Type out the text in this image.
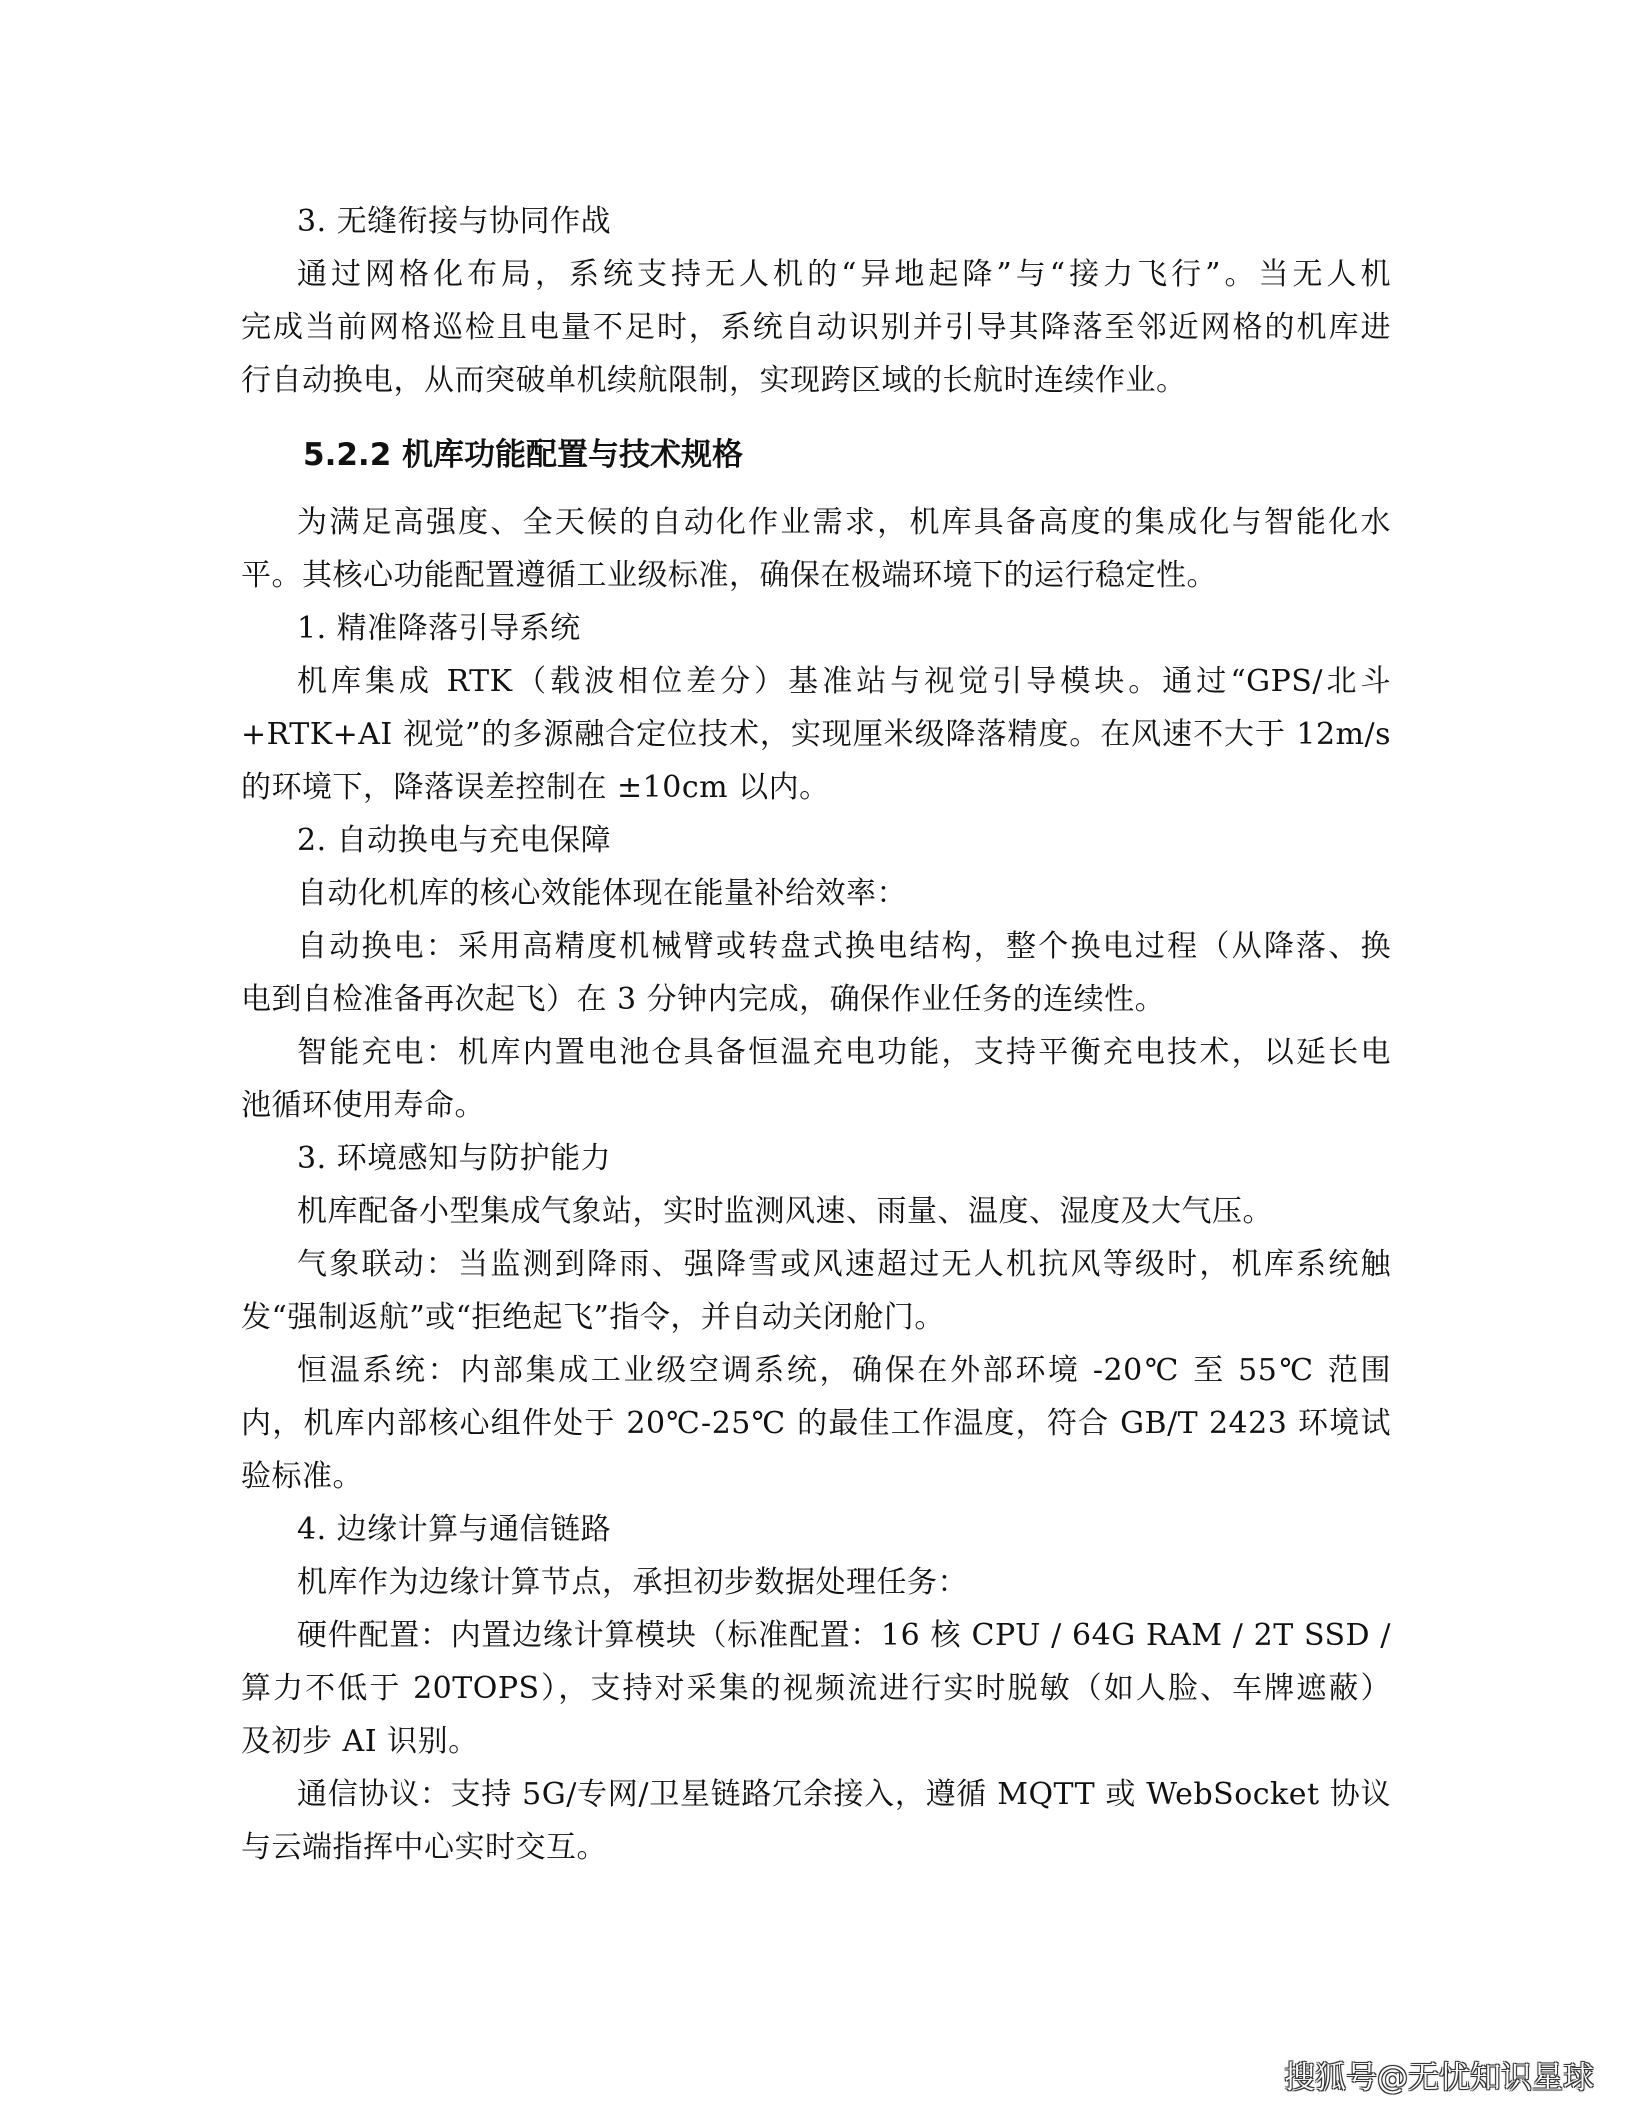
3. 无缝衔接与协同作战
通过网格化布局，系统支持无人机的“异地起降”与“接力飞行”。当无人机
完成当前网格巡检且电量不足时，系统自动识别并引导其降落至邻近网格的机库进
行自动换电，从而突破单机续航限制，实现跨区域的长航时连续作业。
5.2.2 机库功能配置与技术规格
为满足高强度、全天候的自动化作业需求，机库具备高度的集成化与智能化水
平。其核心功能配置遵循工业级标准，确保在极端环境下的运行稳定性。
1. 精准降落引导系统
机库集成 RTK（载波相位差分）基准站与视觉引导模块。通过“GPS/北斗
+RTK+AI 视觉”的多源融合定位技术，实现厘米级降落精度。在风速不大于 12m/s
的环境下，降落误差控制在 ±10cm 以内。
2. 自动换电与充电保障
自动化机库的核心效能体现在能量补给效率：
自动换电：采用高精度机械臂或转盘式换电结构，整个换电过程（从降落、换
电到自检准备再次起飞）在 3 分钟内完成，确保作业任务的连续性。
智能充电：机库内置电池仓具备恒温充电功能，支持平衡充电技术，以延长电
池循环使用寿命。
3. 环境感知与防护能力
机库配备小型集成气象站，实时监测风速、雨量、温度、湿度及大气压。
气象联动：当监测到降雨、强降雪或风速超过无人机抗风等级时，机库系统触
发“强制返航”或“拒绝起飞”指令，并自动关闭舱门。
恒温系统：内部集成工业级空调系统，确保在外部环境 -20℃ 至 55℃ 范围
内，机库内部核心组件处于 20℃-25℃ 的最佳工作温度，符合 GB/T 2423 环境试
验标准。
4. 边缘计算与通信链路
机库作为边缘计算节点，承担初步数据处理任务：
硬件配置：内置边缘计算模块（标准配置：16 核 CPU / 64G RAM / 2T SSD /
算力不低于 20TOPS），支持对采集的视频流进行实时脱敏（如人脸、车牌遮蔽）
及初步 AI 识别。
通信协议：支持 5G/专网/卫星链路冗余接入，遵循 MQTT 或 WebSocket 协议
与云端指挥中心实时交互。
搜狐号@无忧知识星球
